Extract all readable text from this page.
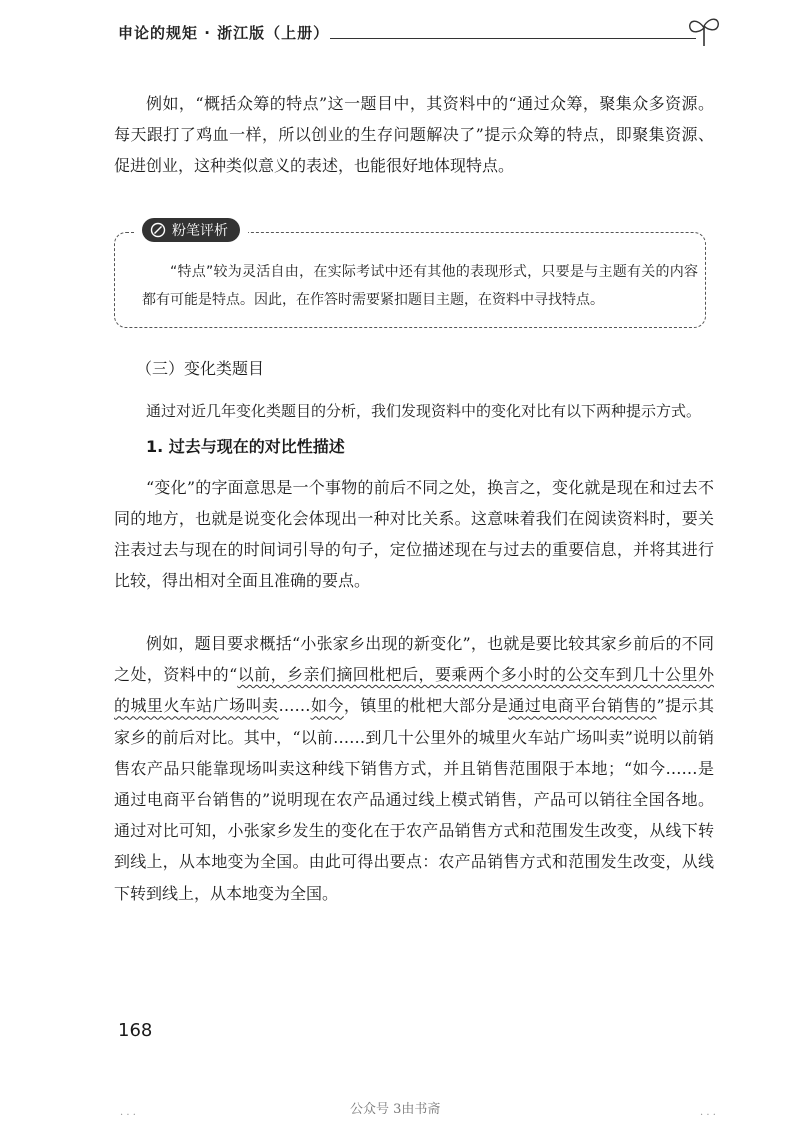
申论的规矩 · 浙江版（上册）

例如，“概括众筹的特点”这一题目中，其资料中的“通过众筹，聚集众多资源。每天跟打了鸡血一样，所以创业的生存问题解决了”提示众筹的特点，即聚集资源、促进创业，这种类似意义的表述，也能很好地体现特点。

粉笔评析

“特点”较为灵活自由，在实际考试中还有其他的表现形式，只要是与主题有关的内容都有可能是特点。因此，在作答时需要紧扣题目主题，在资料中寻找特点。

（三）变化类题目
通过对近几年变化类题目的分析，我们发现资料中的变化对比有以下两种提示方式。
1. 过去与现在的对比性描述

“变化”的字面意思是一个事物的前后不同之处，换言之，变化就是现在和过去不同的地方，也就是说变化会体现出一种对比关系。这意味着我们在阅读资料时，要关注表过去与现在的时间词引导的句子，定位描述现在与过去的重要信息，并将其进行比较，得出相对全面且准确的要点。

例如，题目要求概括“小张家乡出现的新变化”，也就是要比较其家乡前后的不同之处，资料中的“以前，乡亲们摘回枇杷后，要乘两个多小时的公交车到几十公里外的城里火车站广场叫卖……如今，镇里的枇杷大部分是通过电商平台销售的”提示其家乡的前后对比。其中，“以前……到几十公里外的城里火车站广场叫卖”说明以前销售农产品只能靠现场叫卖这种线下销售方式，并且销售范围限于本地；“如今……是通过电商平台销售的”说明现在农产品通过线上模式销售，产品可以销往全国各地。通过对比可知，小张家乡发生的变化在于农产品销售方式和范围发生改变，从线下转到线上，从本地变为全国。由此可得出要点：农产品销售方式和范围发生改变，从线下转到线上，从本地变为全国。

168
公众号 3由书斋
· · ·	· · ·
